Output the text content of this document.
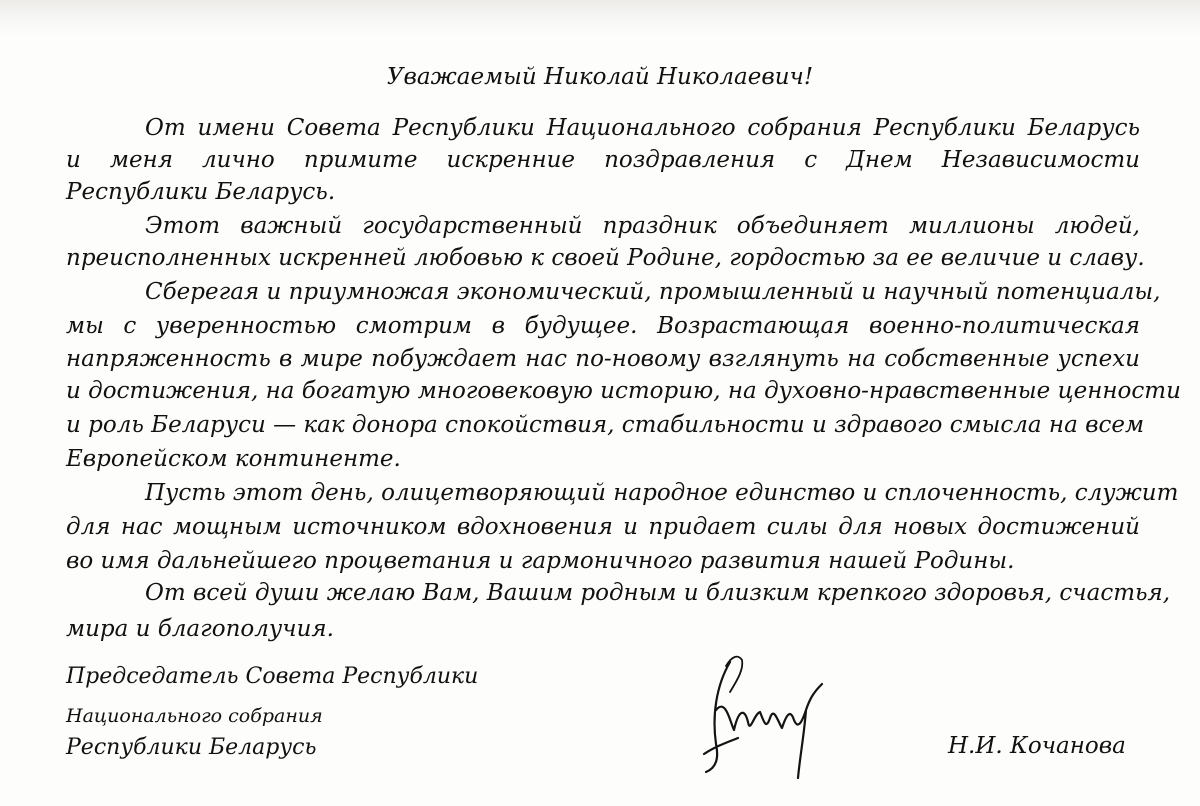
Уважаемый Николай Николаевич!

От имени Совета Республики Национального собрания Республики Беларусь

и меня лично примите искренние поздравления с Днем Независимости

Республики Беларусь.

Этот важный государственный праздник объединяет миллионы людей,

преисполненных искренней любовью к своей Родине, гордостью за ее величие и славу.

Сберегая и приумножая экономический, промышленный и научный потенциалы,

мы с уверенностью смотрим в будущее. Возрастающая военно-политическая

напряженность в мире побуждает нас по-новому взглянуть на собственные успехи

и достижения, на богатую многовековую историю, на духовно-нравственные ценности

и роль Беларуси — как донора спокойствия, стабильности и здравого смысла на всем

Европейском континенте.

Пусть этот день, олицетворяющий народное единство и сплоченность, служит

для нас мощным источником вдохновения и придает силы для новых достижений

во имя дальнейшего процветания и гармоничного развития нашей Родины.

От всей души желаю Вам, Вашим родным и близким крепкого здоровья, счастья,

мира и благополучия.

Председатель Совета Республики

Национального собрания

Республики Беларусь	Н.И. Кочанова
